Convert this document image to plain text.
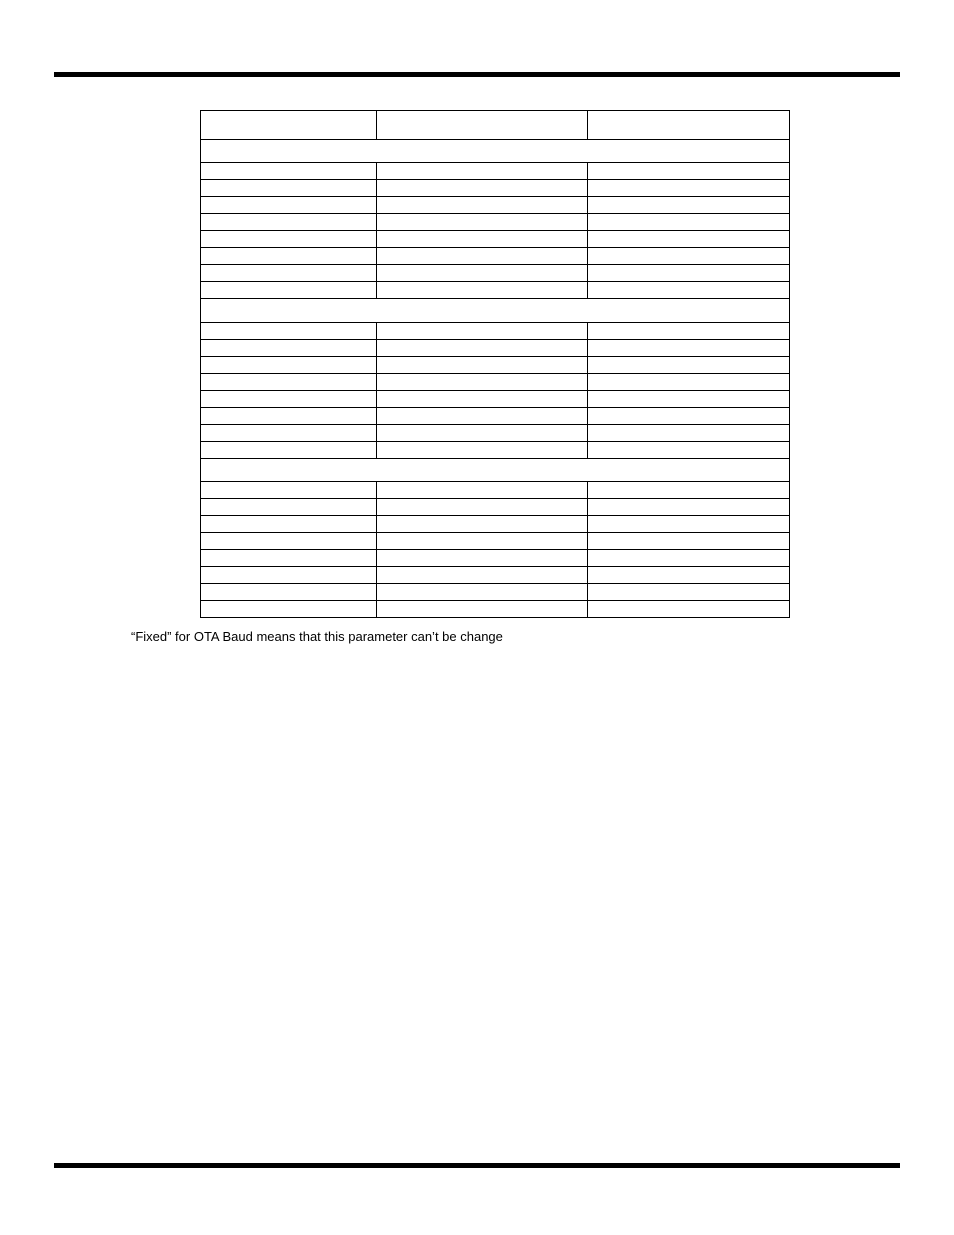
“Fixed” for OTA Baud means that this parameter can’t be change
